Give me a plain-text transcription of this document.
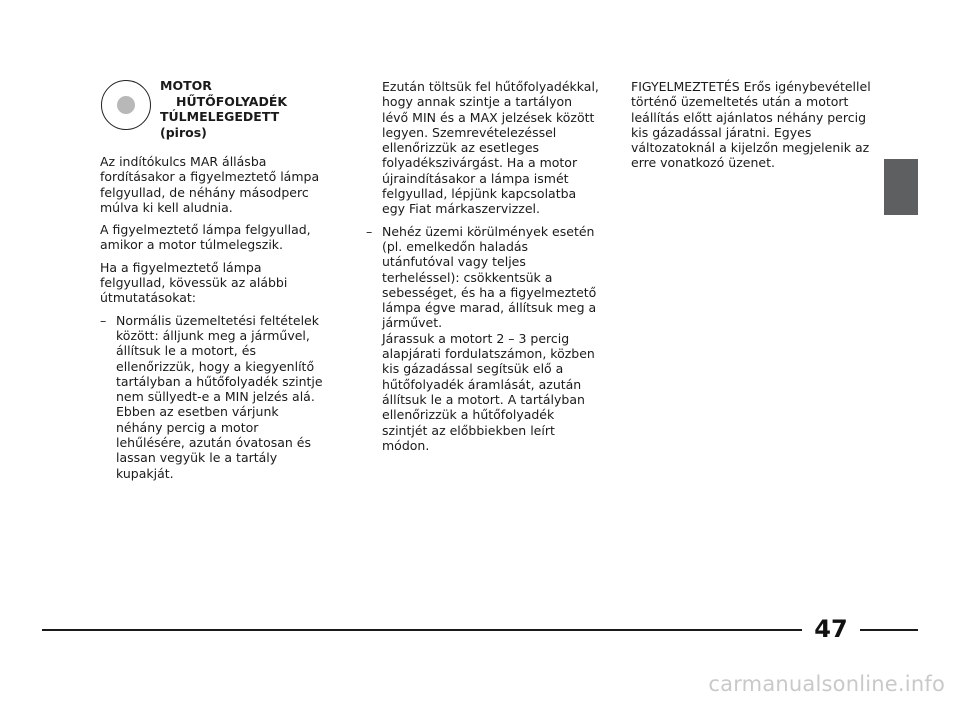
MOTOR
HŰTŐFOLYADÉK
TÚLMELEGEDETT
(piros)

Az indítókulcs MAR állásba fordításakor a figyelmeztető lámpa felgyullad, de néhány másodperc múlva ki kell aludnia.

A figyelmeztető lámpa felgyullad, amikor a motor túlmelegszik.

Ha a figyelmeztető lámpa felgyullad, kövessük az alábbi útmutatásokat:

– Normális üzemeltetési feltételek között: álljunk meg a járművel, állítsuk le a motort, és ellenőrizzük, hogy a kiegyenlítő tartályban a hűtőfolyadék szintje nem süllyedt-e a MIN jelzés alá. Ebben az esetben várjunk néhány percig a motor lehűlésére, azután óvatosan és lassan vegyük le a tartály kupakját.

Ezután töltsük fel hűtőfolyadékkal, hogy annak szintje a tartályon lévő MIN és a MAX jelzések között legyen. Szemrevételezéssel ellenőrizzük az esetleges folyadékszivárgást. Ha a motor újraindításakor a lámpa ismét felgyullad, lépjünk kapcsolatba egy Fiat márkaszervizzel.

– Nehéz üzemi körülmények esetén (pl. emelkedőn haladás utánfutóval vagy teljes terheléssel): csökkentsük a sebességet, és ha a figyelmeztető lámpa égve marad, állítsuk meg a járművet.
Járassuk a motort 2 – 3 percig alapjárati fordulatszámon, közben kis gázadással segítsük elő a hűtőfolyadék áramlását, azután állítsuk le a motort. A tartályban ellenőrizzük a hűtőfolyadék szintjét az előbbiekben leírt módon.

FIGYELMEZTETÉS Erős igénybevétellel történő üzemeltetés után a motort leállítás előtt ajánlatos néhány percig kis gázadással járatni. Egyes változatoknál a kijelzőn megjelenik az erre vonatkozó üzenet.

47
carmanualsonline.info
